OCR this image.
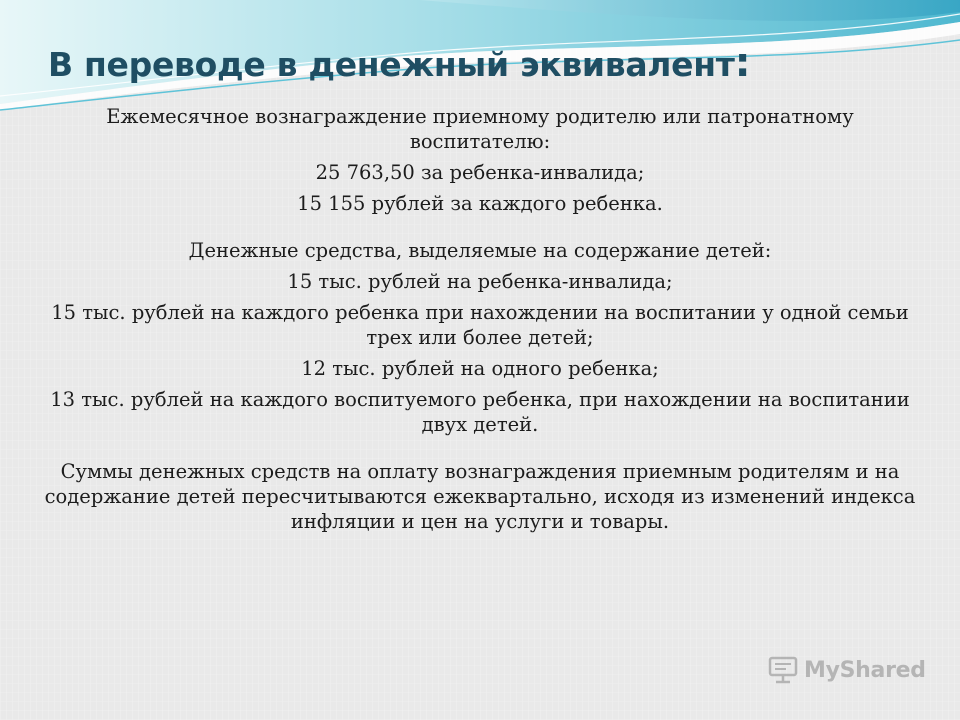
В переводе в денежный эквивалент:

Ежемесячное вознаграждение приемному родителю или патронатному воспитателю:

25 763,50 за ребенка-инвалида;

15 155 рублей за каждого ребенка.

Денежные средства, выделяемые на содержание детей:

15 тыс. рублей на ребенка-инвалида;

15 тыс. рублей на каждого ребенка при нахождении на воспитании у одной семьи трех или более детей;

12 тыс. рублей на одного ребенка;

13 тыс. рублей на каждого воспитуемого ребенка, при нахождении на воспитании двух детей.

Суммы денежных средств на оплату вознаграждения приемным родителям и на содержание детей пересчитываются ежеквартально, исходя из изменений индекса инфляции и цен на услуги и товары.

MyShared
